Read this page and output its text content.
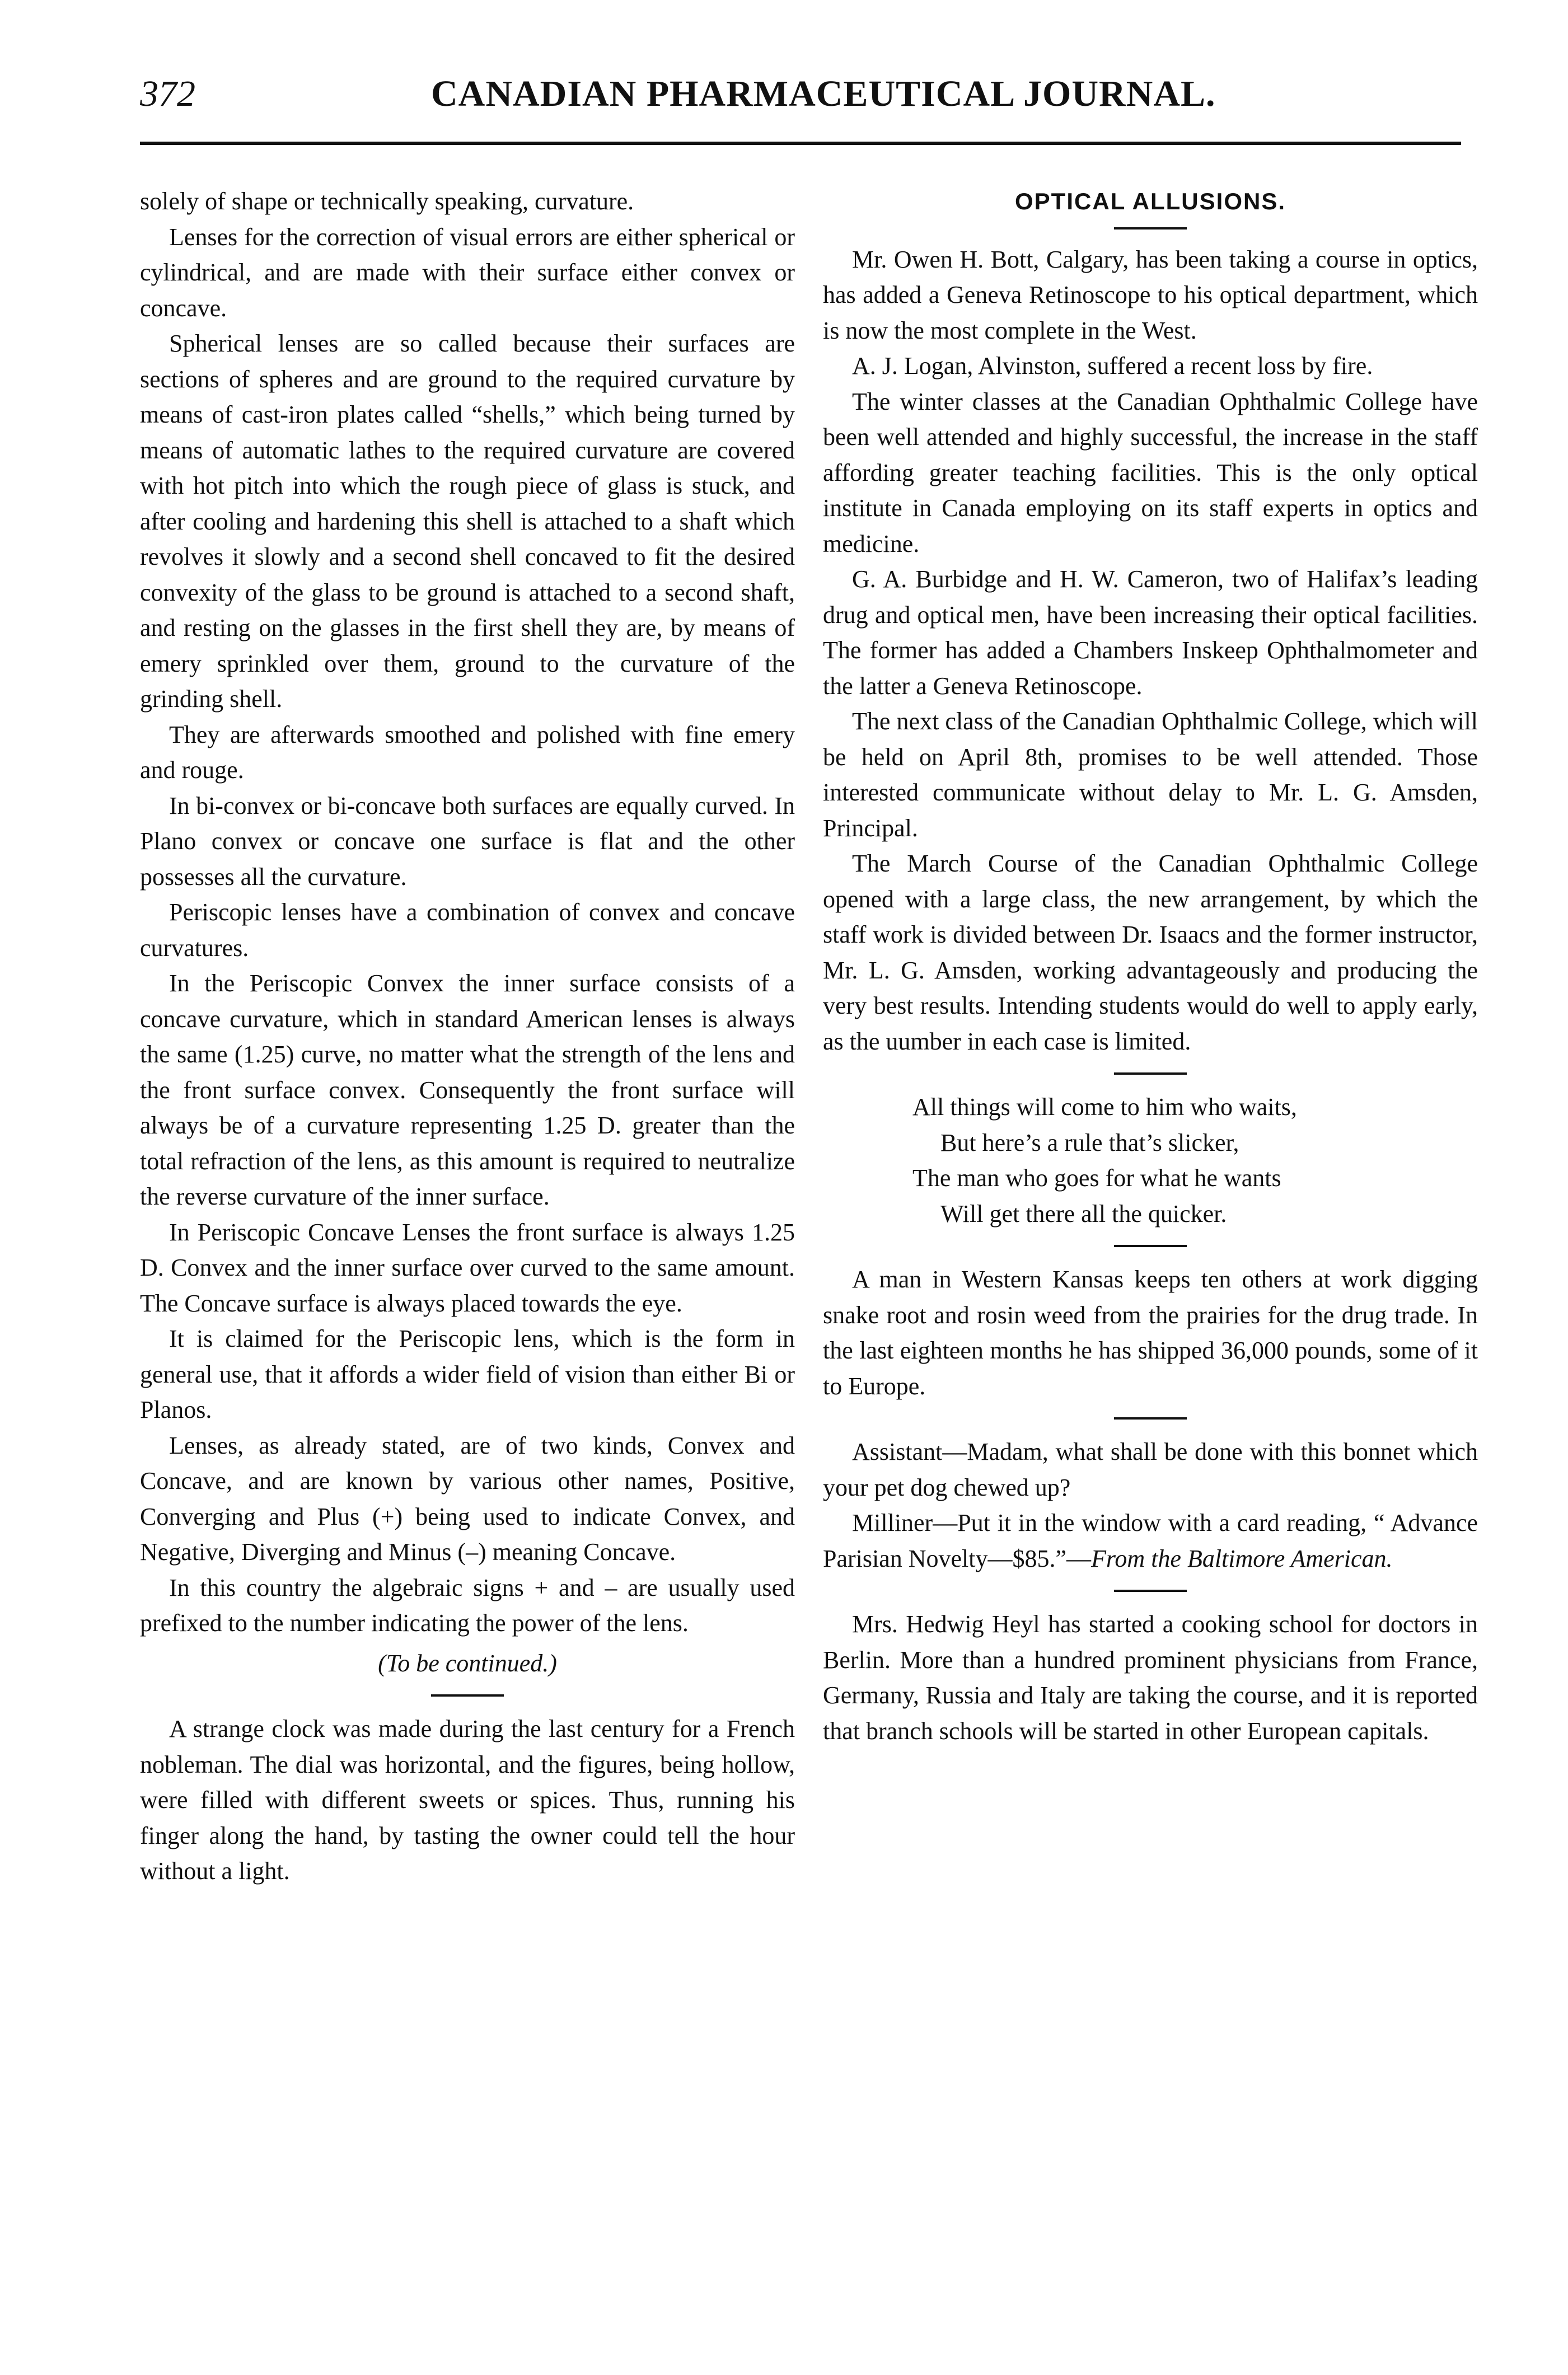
372	CANADIAN PHARMACEUTICAL JOURNAL.

solely of shape or technically speaking, curvature.

Lenses for the correction of visual errors are either spherical or cylindrical, and are made with their surface either convex or concave.

Spherical lenses are so called because their surfaces are sections of spheres and are ground to the required curvature by means of cast-iron plates called “shells,” which being turned by means of automatic lathes to the required curvature are covered with hot pitch into which the rough piece of glass is stuck, and after cooling and hardening this shell is attached to a shaft which revolves it slowly and a second shell concaved to fit the desired convexity of the glass to be ground is attached to a second shaft, and resting on the glasses in the first shell they are, by means of emery sprinkled over them, ground to the curvature of the grinding shell.

They are afterwards smoothed and polished with fine emery and rouge.

In bi-convex or bi-concave both surfaces are equally curved. In Plano convex or concave one surface is flat and the other possesses all the curvature.

Periscopic lenses have a combination of convex and concave curvatures.

In the Periscopic Convex the inner surface consists of a concave curvature, which in standard American lenses is always the same (1.25) curve, no matter what the strength of the lens and the front surface convex. Consequently the front surface will always be of a curvature representing 1.25 D. greater than the total refraction of the lens, as this amount is required to neutralize the reverse curvature of the inner surface.

In Periscopic Concave Lenses the front surface is always 1.25 D. Convex and the inner surface over curved to the same amount. The Concave surface is always placed towards the eye.

It is claimed for the Periscopic lens, which is the form in general use, that it affords a wider field of vision than either Bi or Planos.

Lenses, as already stated, are of two kinds, Convex and Concave, and are known by various other names, Positive, Converging and Plus (+) being used to indicate Convex, and Negative, Diverging and Minus (–) meaning Concave.

In this country the algebraic signs + and – are usually used prefixed to the number indicating the power of the lens.

(To be continued.)

A strange clock was made during the last century for a French nobleman. The dial was horizontal, and the figures, being hollow, were filled with different sweets or spices. Thus, running his finger along the hand, by tasting the owner could tell the hour without a light.

OPTICAL ALLUSIONS.

Mr. Owen H. Bott, Calgary, has been taking a course in optics, has added a Geneva Retinoscope to his optical department, which is now the most complete in the West.

A. J. Logan, Alvinston, suffered a recent loss by fire.

The winter classes at the Canadian Ophthalmic College have been well attended and highly successful, the increase in the staff affording greater teaching facilities. This is the only optical institute in Canada employing on its staff experts in optics and medicine.

G. A. Burbidge and H. W. Cameron, two of Halifax’s leading drug and optical men, have been increasing their optical facilities. The former has added a Chambers Inskeep Ophthalmometer and the latter a Geneva Retinoscope.

The next class of the Canadian Ophthalmic College, which will be held on April 8th, promises to be well attended. Those interested communicate without delay to Mr. L. G. Amsden, Principal.

The March Course of the Canadian Ophthalmic College opened with a large class, the new arrangement, by which the staff work is divided between Dr. Isaacs and the former instructor, Mr. L. G. Amsden, working advantageously and producing the very best results. Intending students would do well to apply early, as the uumber in each case is limited.

All things will come to him who waits,
But here’s a rule that’s slicker,
The man who goes for what he wants
Will get there all the quicker.

A man in Western Kansas keeps ten others at work digging snake root and rosin weed from the prairies for the drug trade. In the last eighteen months he has shipped 36,000 pounds, some of it to Europe.

Assistant—Madam, what shall be done with this bonnet which your pet dog chewed up?

Milliner—Put it in the window with a card reading, “ Advance Parisian Novelty—$85.”—From the Baltimore American.

Mrs. Hedwig Heyl has started a cooking school for doctors in Berlin. More than a hundred prominent physicians from France, Germany, Russia and Italy are taking the course, and it is reported that branch schools will be started in other European capitals.
